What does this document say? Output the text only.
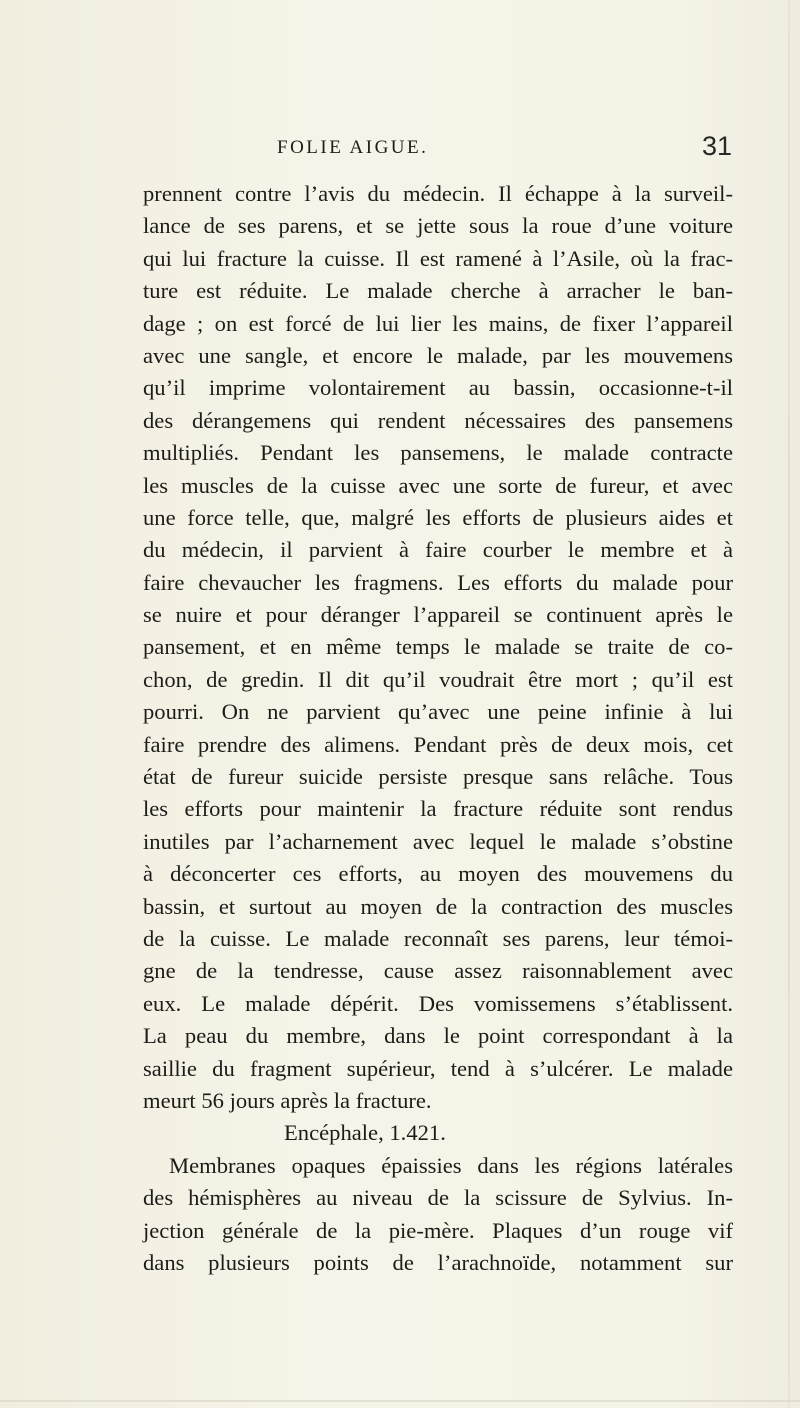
FOLIE AIGUE.	31
prennent contre l’avis du médecin. Il échappe à la surveil-
lance de ses parens, et se jette sous la roue d’une voiture
qui lui fracture la cuisse. Il est ramené à l’Asile, où la frac-
ture est réduite. Le malade cherche à arracher le ban-
dage ; on est forcé de lui lier les mains, de fixer l’appareil
avec une sangle, et encore le malade, par les mouvemens
qu’il imprime volontairement au bassin, occasionne-t-il
des dérangemens qui rendent nécessaires des pansemens
multipliés. Pendant les pansemens, le malade contracte
les muscles de la cuisse avec une sorte de fureur, et avec
une force telle, que, malgré les efforts de plusieurs aides et
du médecin, il parvient à faire courber le membre et à
faire chevaucher les fragmens. Les efforts du malade pour
se nuire et pour déranger l’appareil se continuent après le
pansement, et en même temps le malade se traite de co-
chon, de gredin. Il dit qu’il voudrait être mort ; qu’il est
pourri. On ne parvient qu’avec une peine infinie à lui
faire prendre des alimens. Pendant près de deux mois, cet
état de fureur suicide persiste presque sans relâche. Tous
les efforts pour maintenir la fracture réduite sont rendus
inutiles par l’acharnement avec lequel le malade s’obstine
à déconcerter ces efforts, au moyen des mouvemens du
bassin, et surtout au moyen de la contraction des muscles
de la cuisse. Le malade reconnaît ses parens, leur témoi-
gne de la tendresse, cause assez raisonnablement avec
eux. Le malade dépérit. Des vomissemens s’établissent.
La peau du membre, dans le point correspondant à la
saillie du fragment supérieur, tend à s’ulcérer. Le malade
meurt 56 jours après la fracture.
Encéphale, 1.421.
Membranes opaques épaissies dans les régions latérales
des hémisphères au niveau de la scissure de Sylvius. In-
jection générale de la pie-mère. Plaques d’un rouge vif
dans plusieurs points de l’arachnoïde, notamment sur
